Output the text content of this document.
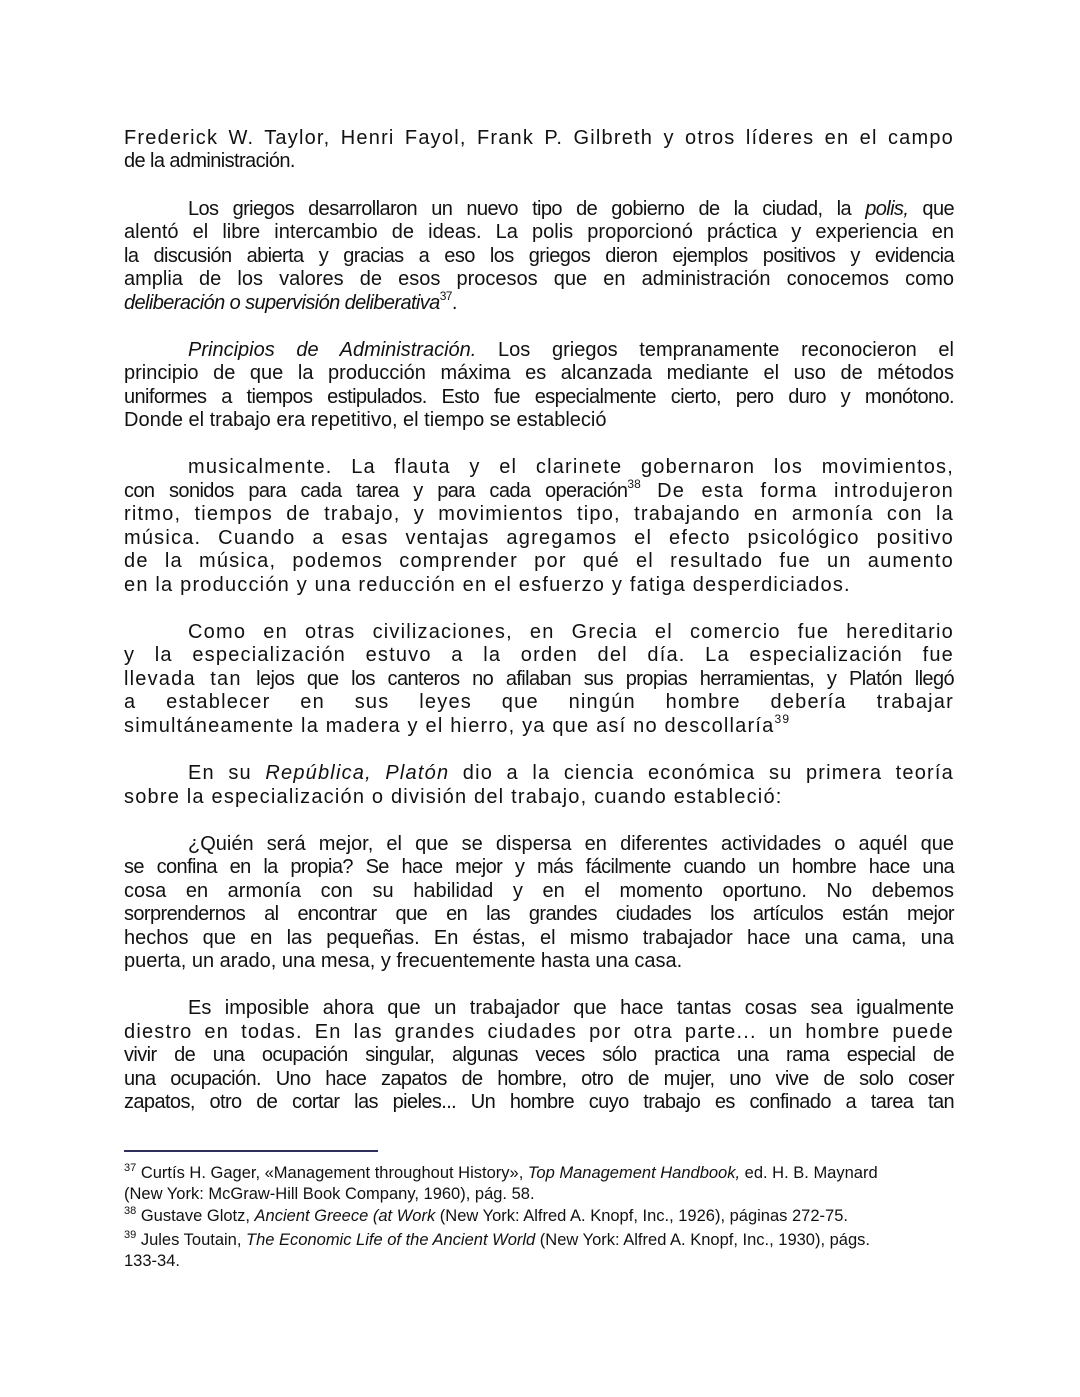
Frederick W. Taylor, Henri Fayol, Frank P. Gilbreth y otros líderes en el campo
de la administración.
Los griegos desarrollaron un nuevo tipo de gobierno de la ciudad, la polis, que
alentó el libre intercambio de ideas. La polis proporcionó práctica y experiencia en
la discusión abierta y gracias a eso los griegos dieron ejemplos positivos y evidencia
amplia de los valores de esos procesos que en administración conocemos como
deliberación o supervisión deliberativa$^{37}$.
Principios de Administración. Los griegos tempranamente reconocieron el
principio de que la producción máxima es alcanzada mediante el uso de métodos
uniformes a tiempos estipulados. Esto fue especialmente cierto, pero duro y monótono.
Donde el trabajo era repetitivo, el tiempo se estableció
musicalmente. La flauta y el clarinete gobernaron los movimientos,
con sonidos para cada tarea y para cada operación$^{38}$ De esta forma introdujeron
ritmo, tiempos de trabajo, y movimientos tipo, trabajando en armonía con la
música. Cuando a esas ventajas agregamos el efecto psicológico positivo
de la música, podemos comprender por qué el resultado fue un aumento
en la producción y una reducción en el esfuerzo y fatiga desperdiciados.
Como en otras civilizaciones, en Grecia el comercio fue hereditario
y la especialización estuvo a la orden del día. La especialización fue
llevada tan lejos que los canteros no afilaban sus propias herramientas, y Platón llegó
a establecer en sus leyes que ningún hombre debería trabajar
simultáneamente la madera y el hierro, ya que así no descollaría$^{39}$
En su República, Platón dio a la ciencia económica su primera teoría
sobre la especialización o división del trabajo, cuando estableció:
¿Quién será mejor, el que se dispersa en diferentes actividades o aquél que
se confina en la propia? Se hace mejor y más fácilmente cuando un hombre hace una
cosa en armonía con su habilidad y en el momento oportuno. No debemos
sorprendernos al encontrar que en las grandes ciudades los artículos están mejor
hechos que en las pequeñas. En éstas, el mismo trabajador hace una cama, una
puerta, un arado, una mesa, y frecuentemente hasta una casa.
Es imposible ahora que un trabajador que hace tantas cosas sea igualmente
diestro en todas. En las grandes ciudades por otra parte... un hombre puede
vivir de una ocupación singular, algunas veces sólo practica una rama especial de
una ocupación. Uno hace zapatos de hombre, otro de mujer, uno vive de solo coser
zapatos, otro de cortar las pieles... Un hombre cuyo trabajo es confinado a tarea tan
$^{37}$ Curtís H. Gager, «Management throughout History», Top Management Handbook, ed. H. B. Maynard
(New York: McGraw-Hill Book Company, 1960), pág. 58.
$^{38}$ Gustave Glotz, Ancient Greece (at Work (New York: Alfred A. Knopf, Inc., 1926), páginas 272-75.
$^{39}$ Jules Toutain, The Economic Life of the Ancient World (New York: Alfred A. Knopf, Inc., 1930), págs.
133-34.
